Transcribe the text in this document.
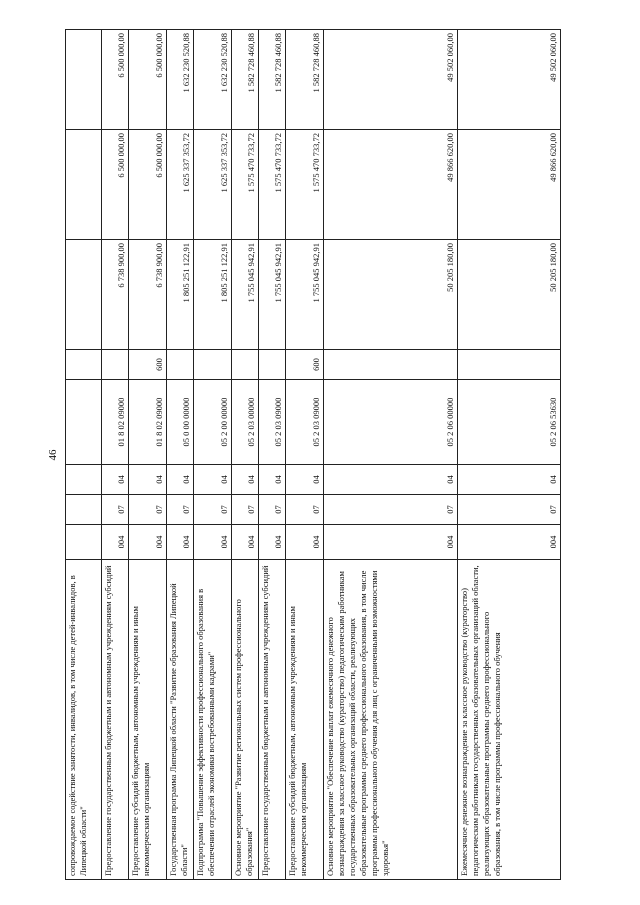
46
сопровождаемое содействие занятости, инвалидов, в том числе детей-инвалидов, в Липецкой области"								
Предоставление государственным бюджетным и автономным учреждениям субсидий	004	07	04	01 8 02 09000		6 738 900,00	6 500 000,00	6 500 000,00
Предоставление субсидий бюджетным, автономным учреждениям и иным некоммерческим организациям	004	07	04	01 8 02 09000	600	6 738 900,00	6 500 000,00	6 500 000,00
Государственная программа Липецкой области "Развитие образования Липецкой области"	004	07	04	05 0 00 00000		1 805 251 122,91	1 625 337 353,72	1 632 230 520,88
Подпрограмма "Повышение эффективности профессионального образования в обеспечении отраслей экономики востребованными кадрами"	004	07	04	05 2 00 00000		1 805 251 122,91	1 625 337 353,72	1 632 230 520,88
Основное мероприятие "Развитие региональных систем профессионального образования"	004	07	04	05 2 03 00000		1 755 045 942,91	1 575 470 733,72	1 582 728 460,88
Предоставление государственным бюджетным и автономным учреждениям субсидий	004	07	04	05 2 03 09000		1 755 045 942,91	1 575 470 733,72	1 582 728 460,88
Предоставление субсидий бюджетным, автономным учреждениям и иным некоммерческим организациям	004	07	04	05 2 03 09000	600	1 755 045 942,91	1 575 470 733,72	1 582 728 460,88
Основное мероприятие "Обеспечение выплат ежемесячного денежного вознаграждения за классное руководство (кураторство) педагогическим работникам государственных образовательных организаций области, реализующих образовательные программы среднего профессионального образования, в том числе программы профессионального обучения для лиц с ограниченными возможностями здоровья"	004	07	04	05 2 06 00000		50 205 180,00	49 866 620,00	49 502 060,00
Ежемесячное денежное вознаграждение за классное руководство (кураторство) педагогическим работникам государственных образовательных организаций области, реализующих образовательные программы среднего профессионального образования, в том числе программы профессионального обучения	004	07	04	05 2 06 53630		50 205 180,00	49 866 620,00	49 502 060,00
